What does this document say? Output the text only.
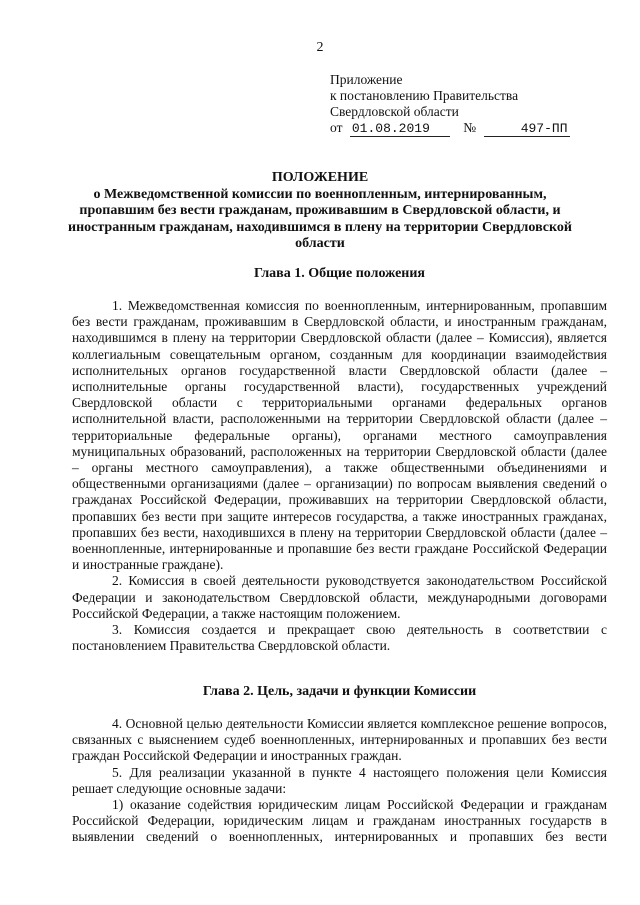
2
Приложение
к постановлению Правительства
Свердловской области
от 01.08.2019 №	497-ПП
ПОЛОЖЕНИЕ
о Межведомственной комиссии по военнопленным, интернированным, пропавшим без вести гражданам, проживавшим в Свердловской области, и иностранным гражданам, находившимся в плену на территории Свердловской области
Глава 1. Общие положения

1. Межведомственная комиссия по военнопленным, интернированным, пропавшим без вести гражданам, проживавшим в Свердловской области, и иностранным гражданам, находившимся в плену на территории Свердловской области (далее – Комиссия), является коллегиальным совещательным органом, созданным для координации взаимодействия исполнительных органов государственной власти Свердловской области (далее – исполнительные органы государственной власти), государственных учреждений Свердловской области с территориальными органами федеральных органов исполнительной власти, расположенными на территории Свердловской области (далее – территориальные федеральные органы), органами местного самоуправления муниципальных образований, расположенных на территории Свердловской области (далее – органы местного самоуправления), а также общественными объединениями и общественными организациями (далее – организации) по вопросам выявления сведений о гражданах Российской Федерации, проживавших на территории Свердловской области, пропавших без вести при защите интересов государства, а также иностранных гражданах, пропавших без вести, находившихся в плену на территории Свердловской области (далее – военнопленные, интернированные и пропавшие без вести граждане Российской Федерации и иностранные граждане).

2. Комиссия в своей деятельности руководствуется законодательством Российской Федерации и законодательством Свердловской области, международными договорами Российской Федерации, а также настоящим положением.

3. Комиссия создается и прекращает свою деятельность в соответствии с постановлением Правительства Свердловской области.

Глава 2. Цель, задачи и функции Комиссии

4. Основной целью деятельности Комиссии является комплексное решение вопросов, связанных с выяснением судеб военнопленных, интернированных и пропавших без вести граждан Российской Федерации и иностранных граждан.

5. Для реализации указанной в пункте 4 настоящего положения цели Комиссия решает следующие основные задачи:

1) оказание содействия юридическим лицам Российской Федерации и гражданам Российской Федерации, юридическим лицам и гражданам иностранных государств в выявлении сведений о военнопленных, интернированных и пропавших без вести
